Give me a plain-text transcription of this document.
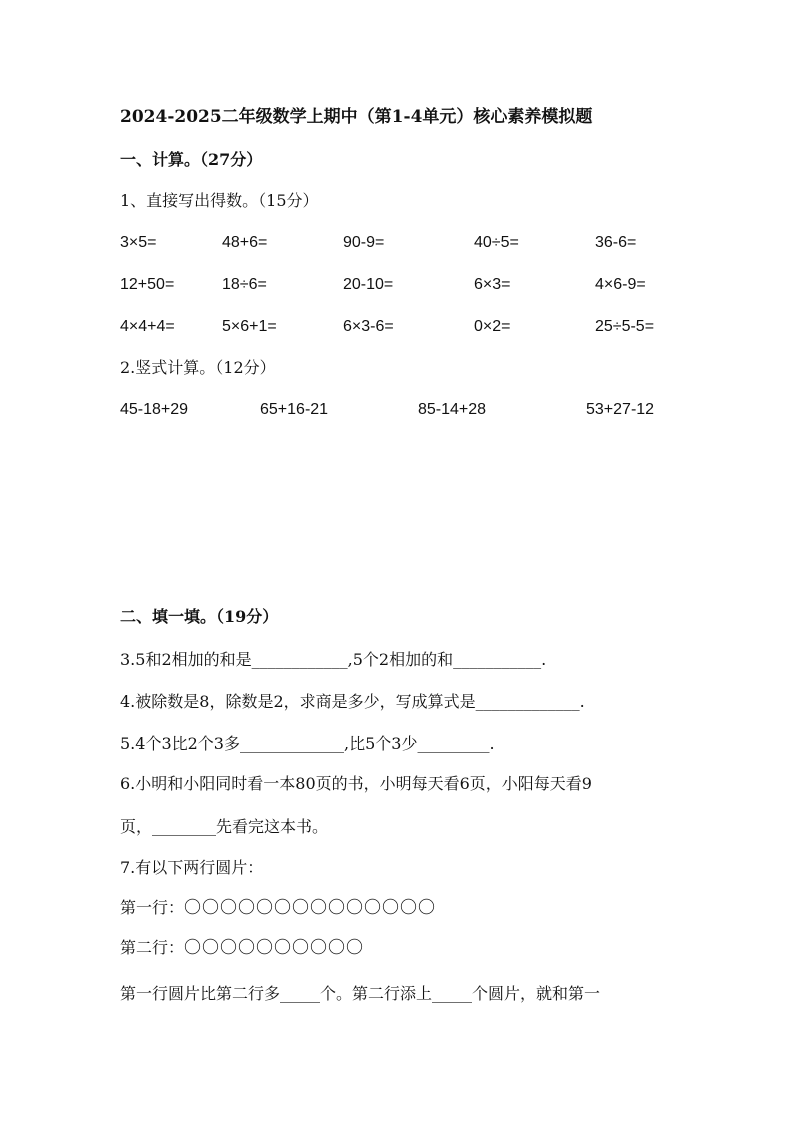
2024-2025二年级数学上期中（第1-4单元）核心素养模拟题
一、计算。（27分）
1、直接写出得数。（15分）
3×5=	48+6=	90-9=	40÷5=	36-6=
12+50=	18÷6=	20-10=	6×3=	4×6-9=
4×4+4=	5×6+1=	6×3-6=	0×2=	25÷5-5=
2.竖式计算。（12分）
45-18+29	65+16-21	85-14+28	53+27-12
二、填一填。（19分）
3.5和2相加的和是____________,5个2相加的和___________.
4.被除数是8，除数是2，求商是多少，写成算式是_____________.
5.4个3比2个3多_____________,比5个3少_________.
6.小明和小阳同时看一本80页的书，小明每天看6页，小阳每天看9
页，________先看完这本书。
7.有以下两行圆片：
第一行：〇〇〇〇〇〇〇〇〇〇〇〇〇〇
第二行：〇〇〇〇〇〇〇〇〇〇
第一行圆片比第二行多_____个。第二行添上_____个圆片，就和第一
